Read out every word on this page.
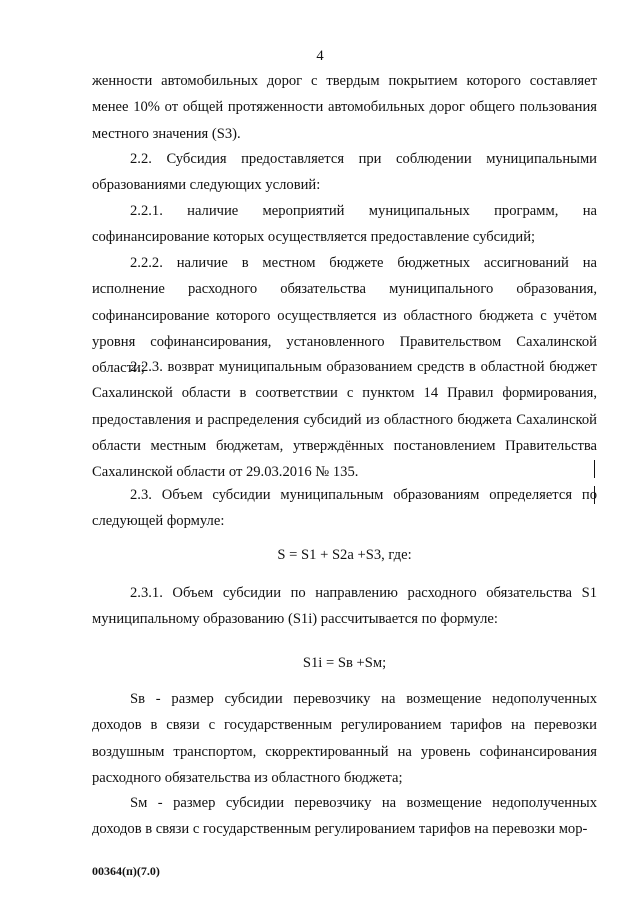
4

женности автомобильных дорог с твердым покрытием которого составляет менее 10% от общей протяженности автомобильных дорог общего пользования местного значения (S3).

2.2. Субсидия предоставляется при соблюдении муниципальными образованиями следующих условий:

2.2.1. наличие мероприятий муниципальных программ, на софинансирование которых осуществляется предоставление субсидий;

2.2.2. наличие в местном бюджете бюджетных ассигнований на исполнение расходного обязательства муниципального образования, софинансирование которого осуществляется из областного бюджета с учётом уровня софинансирования, установленного Правительством Сахалинской области;

2.2.3. возврат муниципальным образованием средств в областной бюджет Сахалинской области в соответствии с пунктом 14 Правил формирования, предоставления и распределения субсидий из областного бюджета Сахалинской области местным бюджетам, утверждённых постановлением Правительства Сахалинской области от 29.03.2016 № 135.

2.3. Объем субсидии муниципальным образованиям определяется по следующей формуле:

S = S1 + S2a +S3, где:

2.3.1. Объем субсидии по направлению расходного обязательства S1 муниципальному образованию (S1i) рассчитывается по формуле:

S1i = Sв +Sм;

Sв - размер субсидии перевозчику на возмещение недополученных доходов в связи с государственным регулированием тарифов на перевозки воздушным транспортом, скорректированный на уровень софинансирования расходного обязательства из областного бюджета;

Sм - размер субсидии перевозчику на возмещение недополученных доходов в связи с государственным регулированием тарифов на перевозки мор-

00364(п)(7.0)
